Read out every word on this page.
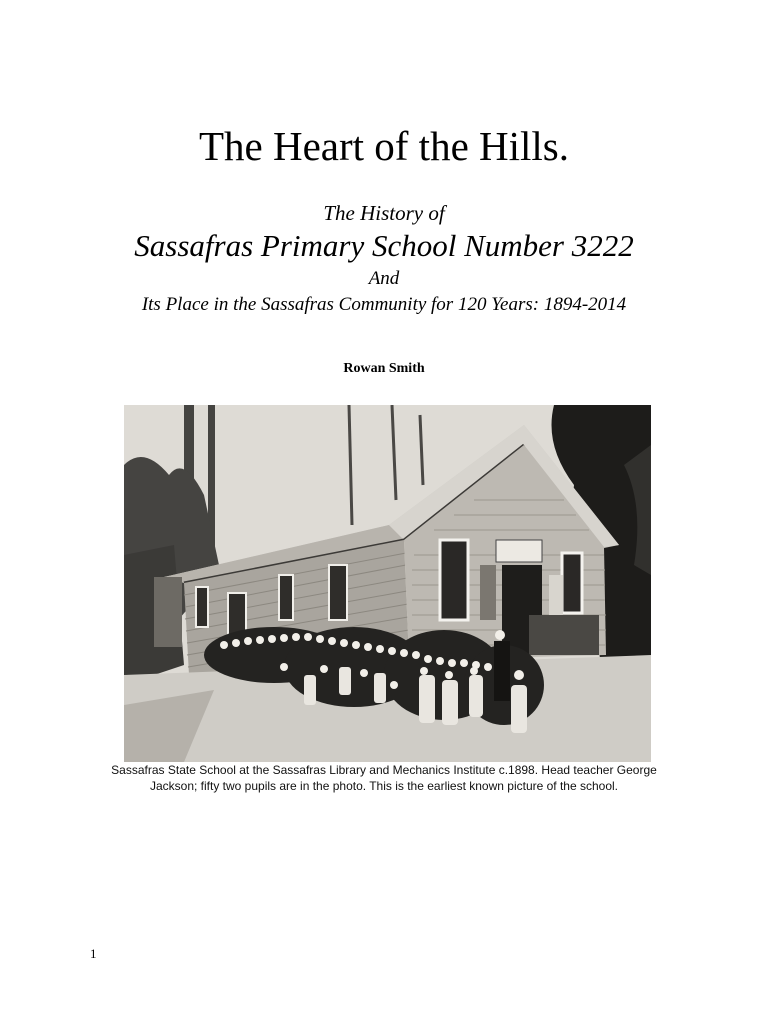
The Heart of the Hills.
The History of
Sassafras Primary School Number 3222
And
Its Place in the Sassafras Community for 120 Years: 1894-2014
Rowan Smith
Sassafras State School at the Sassafras Library and Mechanics Institute c.1898. Head teacher George
Jackson; fifty two pupils are in the photo. This is the earliest known picture of the school.
1
